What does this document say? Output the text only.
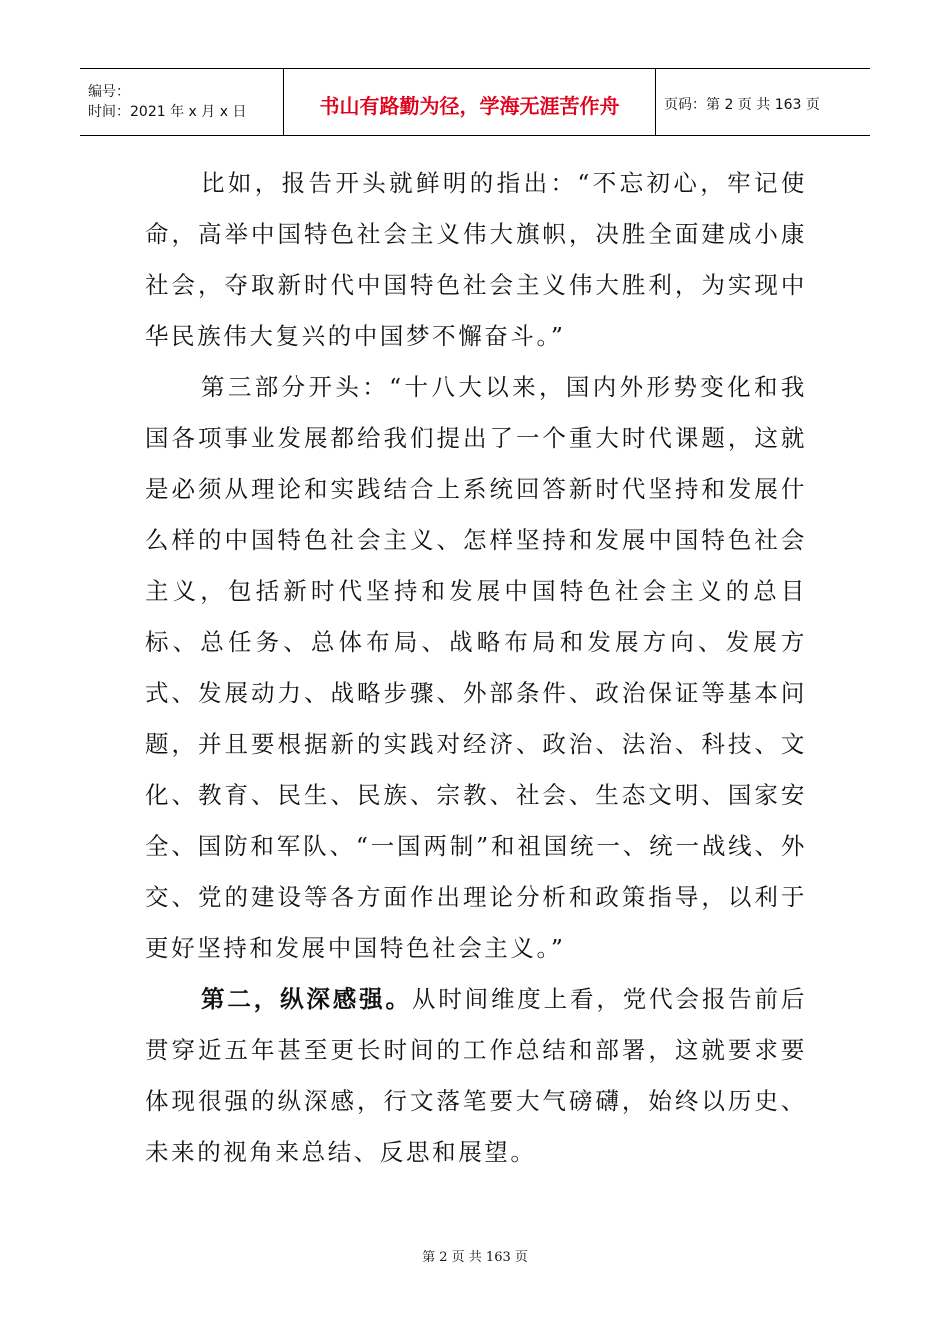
编号：
时间：2021 年 x 月 x 日	书山有路勤为径，学海无涯苦作舟	页码：第 2 页 共 163 页

比如，报告开头就鲜明的指出：“不忘初心，牢记使命，高举中国特色社会主义伟大旗帜，决胜全面建成小康社会，夺取新时代中国特色社会主义伟大胜利，为实现中华民族伟大复兴的中国梦不懈奋斗。”

第三部分开头：“十八大以来，国内外形势变化和我国各项事业发展都给我们提出了一个重大时代课题，这就是必须从理论和实践结合上系统回答新时代坚持和发展什么样的中国特色社会主义、怎样坚持和发展中国特色社会主义，包括新时代坚持和发展中国特色社会主义的总目标、总任务、总体布局、战略布局和发展方向、发展方式、发展动力、战略步骤、外部条件、政治保证等基本问题，并且要根据新的实践对经济、政治、法治、科技、文化、教育、民生、民族、宗教、社会、生态文明、国家安全、国防和军队、“一国两制”和祖国统一、统一战线、外交、党的建设等各方面作出理论分析和政策指导，以利于更好坚持和发展中国特色社会主义。”

第二，纵深感强。从时间维度上看，党代会报告前后贯穿近五年甚至更长时间的工作总结和部署，这就要求要体现很强的纵深感，行文落笔要大气磅礴，始终以历史、未来的视角来总结、反思和展望。

第 2 页 共 163 页
